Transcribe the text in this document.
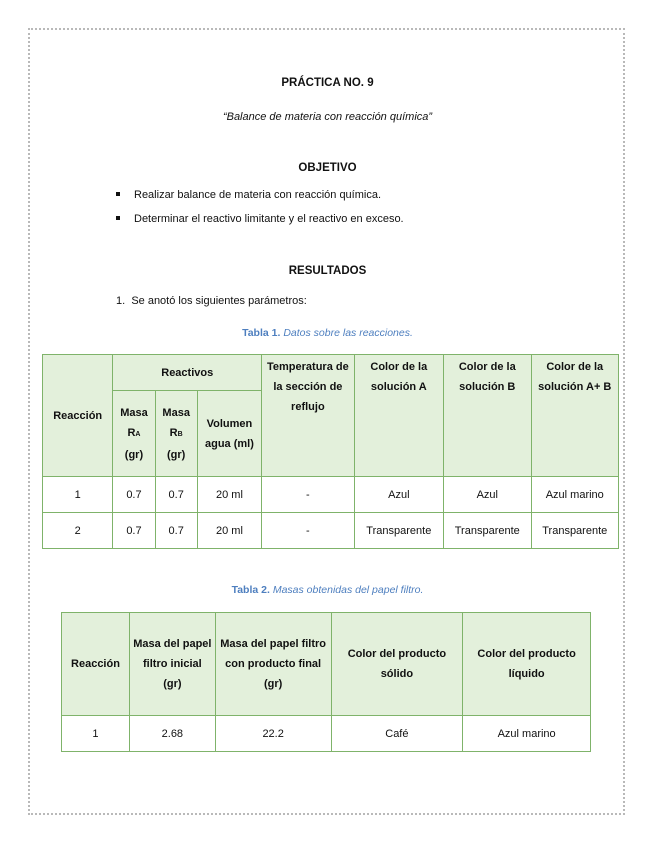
PRÁCTICA NO. 9
“Balance de materia con reacción química”
OBJETIVO
Realizar balance de materia con reacción química.
Determinar el reactivo limitante y el reactivo en exceso.
RESULTADOS
1. Se anotó los siguientes parámetros:
Tabla 1. Datos sobre las reacciones.
Reacción	Reactivos			Temperatura de la sección de reflujo	Color de la solución A	Color de la solución B	Color de la solución A+ B
	Masa
RA
(gr)	Masa
RB
(gr)	Volumen agua (ml)				
1	0.7	0.7	20 ml	-	Azul	Azul	Azul marino
2	0.7	0.7	20 ml	-	Transparente	Transparente	Transparente
Tabla 2. Masas obtenidas del papel filtro.
Reacción	Masa del papel filtro inicial (gr)	Masa del papel filtro con producto final (gr)	Color del producto sólido	Color del producto líquido
1	2.68	22.2	Café	Azul marino
